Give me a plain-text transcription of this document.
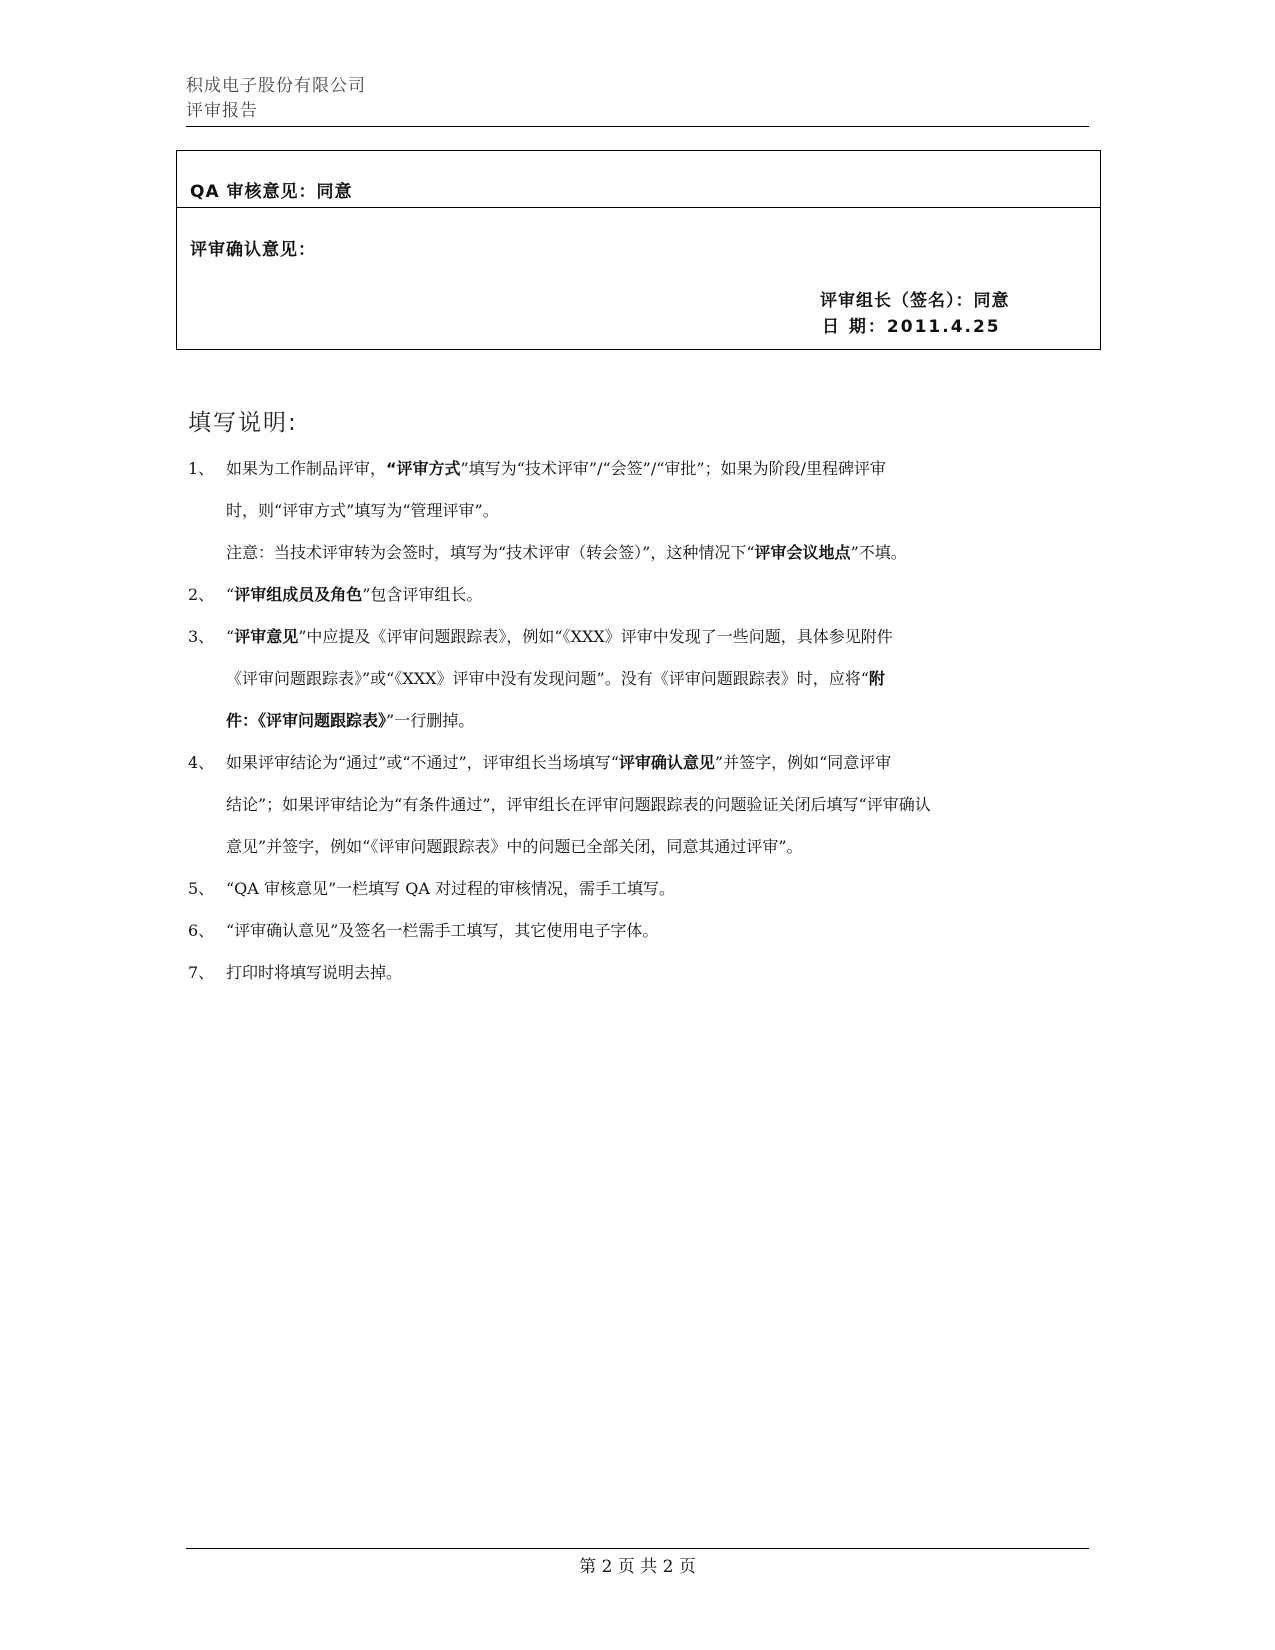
积成电子股份有限公司
评审报告
QA 审核意见：同意
评审确认意见：
评审组长（签名）：同意
日 期：2011.4.25
填写说明:
1、 如果为工作制品评审，“评审方式”填写为“技术评审”/“会签”/“审批”；如果为阶段/里程碑评审
时，则“评审方式”填写为“管理评审”。
注意：当技术评审转为会签时，填写为“技术评审（转会签）”，这种情况下“评审会议地点”不填。
2、 “评审组成员及角色”包含评审组长。
3、 “评审意见”中应提及《评审问题跟踪表》，例如“《XXX》评审中发现了一些问题，具体参见附件
《评审问题跟踪表》”或“《XXX》评审中没有发现问题”。没有《评审问题跟踪表》时，应将“附
件：《评审问题跟踪表》”一行删掉。
4、 如果评审结论为“通过”或“不通过”，评审组长当场填写“评审确认意见”并签字，例如“同意评审
结论”；如果评审结论为“有条件通过”，评审组长在评审问题跟踪表的问题验证关闭后填写“评审确认
意见”并签字，例如“《评审问题跟踪表》中的问题已全部关闭，同意其通过评审”。
5、 “QA 审核意见”一栏填写 QA 对过程的审核情况，需手工填写。
6、 “评审确认意见”及签名一栏需手工填写，其它使用电子字体。
7、 打印时将填写说明去掉。
第 2 页 共 2 页
